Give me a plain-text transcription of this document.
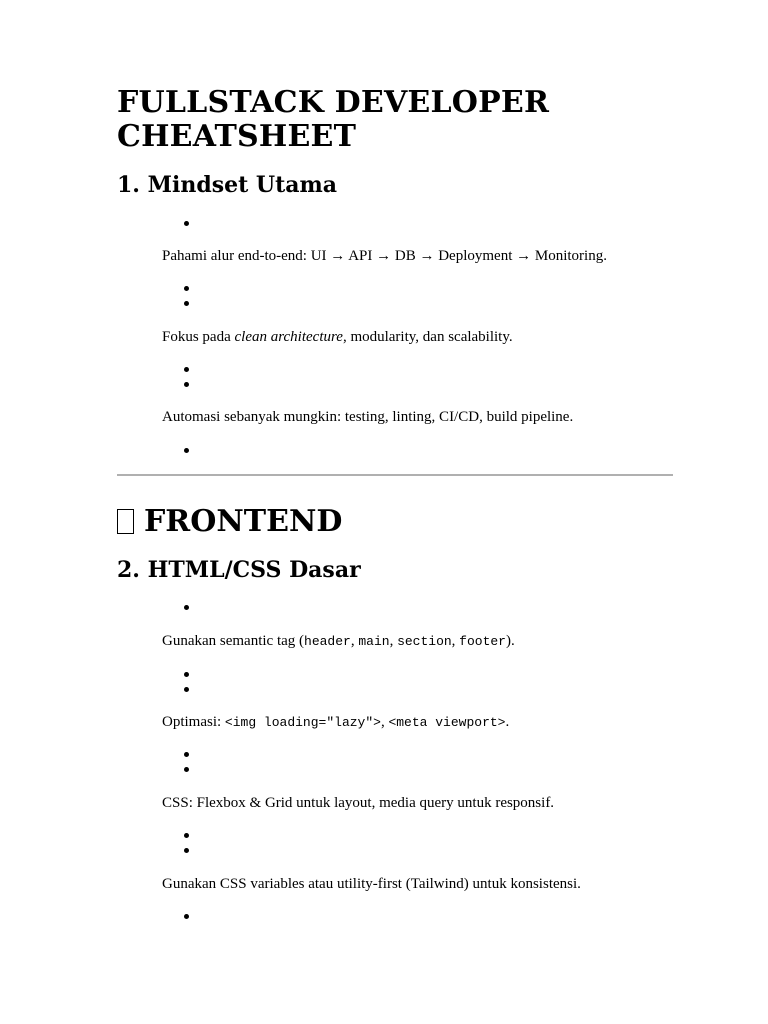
FULLSTACK DEVELOPER CHEATSHEET
1. Mindset Utama

Pahami alur end-to-end: UI → API → DB → Deployment → Monitoring.

Fokus pada clean architecture, modularity, dan scalability.

Automasi sebanyak mungkin: testing, linting, CI/CD, build pipeline.

FRONTEND
2. HTML/CSS Dasar

Gunakan semantic tag (header, main, section, footer).

Optimasi: <img loading="lazy">, <meta viewport>.

CSS: Flexbox & Grid untuk layout, media query untuk responsif.

Gunakan CSS variables atau utility-first (Tailwind) untuk konsistensi.
